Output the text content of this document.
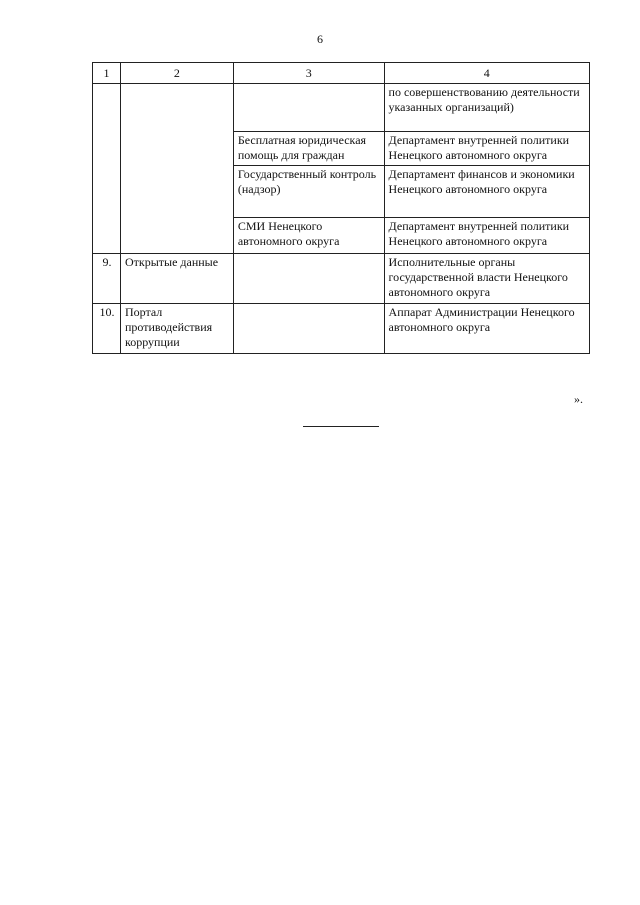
6
1	2	3	4
			по совершенствованию деятельности указанных организаций)
		Бесплатная юридическая помощь для граждан	Департамент внутренней политики Ненецкого автономного округа
		Государственный контроль (надзор)	Департамент финансов и экономики Ненецкого автономного округа
		СМИ Ненецкого автономного округа	Департамент внутренней политики Ненецкого автономного округа
9.	Открытые данные		Исполнительные органы государственной власти Ненецкого автономного округа
10.	Портал противодействия коррупции		Аппарат Администрации Ненецкого автономного округа
».
